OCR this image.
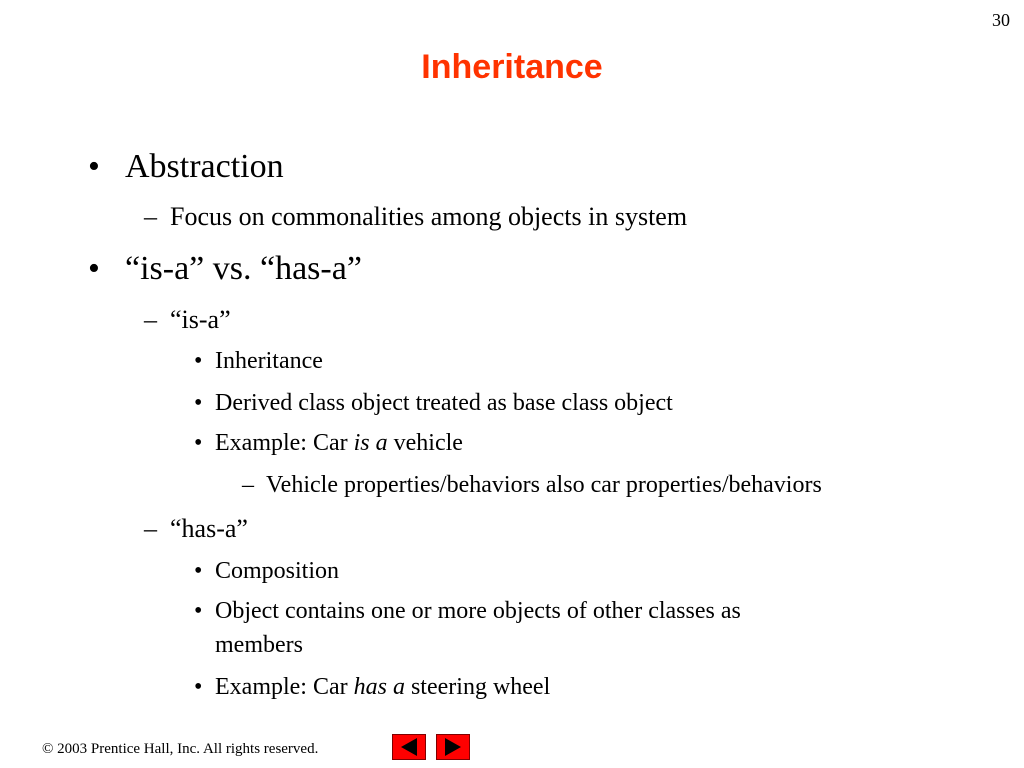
30
Inheritance
• Abstraction
– Focus on commonalities among objects in system
• “is-a” vs. “has-a”
– “is-a”
• Inheritance
• Derived class object treated as base class object
• Example: Car is a vehicle
– Vehicle properties/behaviors also car properties/behaviors
– “has-a”
• Composition
• Object contains one or more objects of other classes as
members
• Example: Car has a steering wheel
© 2003 Prentice Hall, Inc. All rights reserved.
